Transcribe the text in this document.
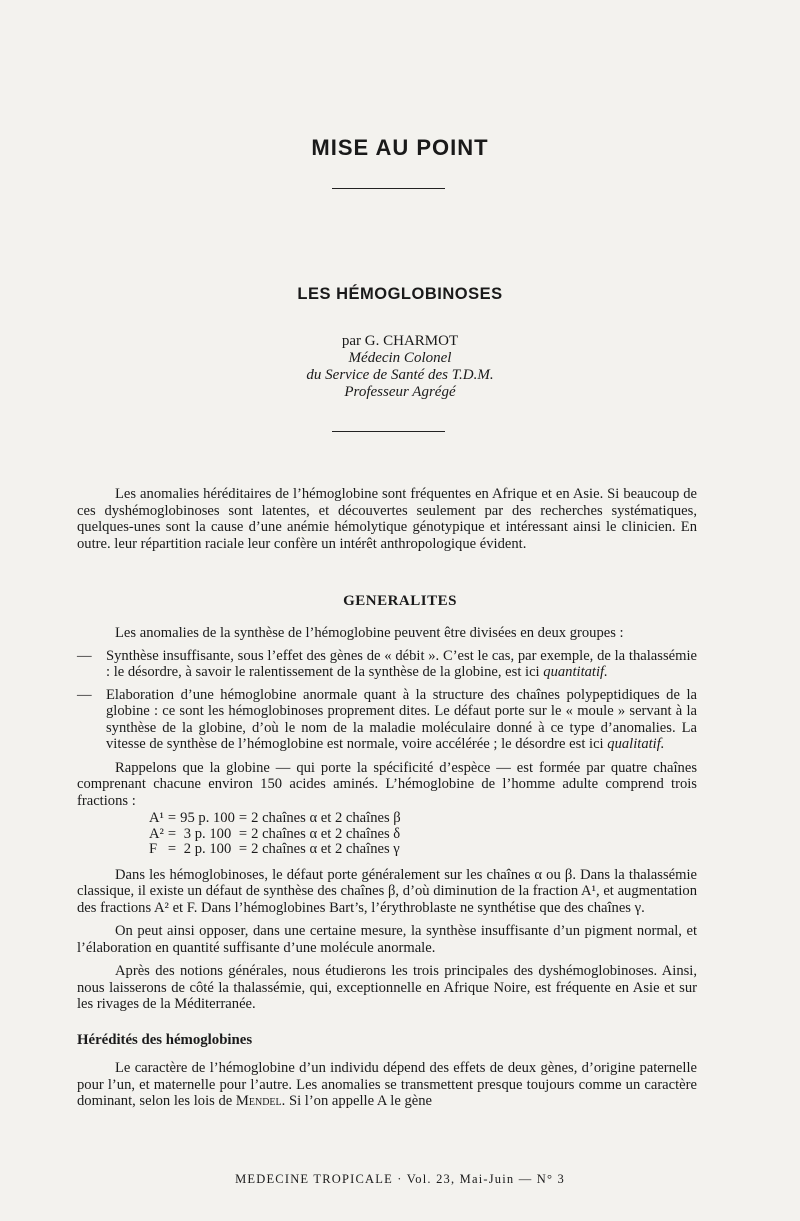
MISE AU POINT
LES HÉMOGLOBINOSES
par G. CHARMOT
Médecin Colonel
du Service de Santé des T.D.M.
Professeur Agrégé

Les anomalies héréditaires de l’hémoglobine sont fréquentes en Afrique et en Asie. Si beaucoup de ces dyshémoglobinoses sont latentes, et découvertes seulement par des recherches systématiques, quelques-unes sont la cause d’une anémie hémolytique génotypique et intéressant ainsi le clinicien. En outre. leur répartition raciale leur confère un intérêt anthropologique évident.

GENERALITES

Les anomalies de la synthèse de l’hémoglobine peuvent être divisées en deux groupes :

— Synthèse insuffisante, sous l’effet des gènes de « débit ». C’est le cas, par exemple, de la thalassémie : le désordre, à savoir le ralentissement de la synthèse de la globine, est ici quantitatif.
— Elaboration d’une hémoglobine anormale quant à la structure des chaînes polypeptidiques de la globine : ce sont les hémoglobinoses proprement dites. Le défaut porte sur le « moule » servant à la synthèse de la globine, d’où le nom de la maladie moléculaire donné à ce type d’anomalies. La vitesse de synthèse de l’hémoglobine est normale, voire accélérée ; le désordre est ici qualitatif.

Rappelons que la globine — qui porte la spécificité d’espèce — est formée par quatre chaînes comprenant chacune environ 150 acides aminés. L’hémoglobine de l’homme adulte comprend trois fractions :

A¹	=	95 p. 100	=	2 chaînes α et 2 chaînes β
A²	=	3 p. 100	=	2 chaînes α et 2 chaînes δ
F	=	2 p. 100	=	2 chaînes α et 2 chaînes γ

Dans les hémoglobinoses, le défaut porte généralement sur les chaînes α ou β. Dans la thalassémie classique, il existe un défaut de synthèse des chaînes β, d’où diminution de la fraction A¹, et augmentation des fractions A² et F. Dans l’hémoglobines Bart’s, l’érythroblaste ne synthétise que des chaînes γ.

On peut ainsi opposer, dans une certaine mesure, la synthèse insuffisante d’un pigment normal, et l’élaboration en quantité suffisante d’une molécule anormale.

Après des notions générales, nous étudierons les trois principales des dyshémoglobinoses. Ainsi, nous laisserons de côté la thalassémie, qui, exceptionnelle en Afrique Noire, est fréquente en Asie et sur les rivages de la Méditerranée.

Hérédités des hémoglobines

Le caractère de l’hémoglobine d’un individu dépend des effets de deux gènes, d’origine paternelle pour l’un, et maternelle pour l’autre. Les anomalies se transmettent presque toujours comme un caractère dominant, selon les lois de Mendel. Si l’on appelle A le gène

MEDECINE TROPICALE · Vol. 23, Mai-Juin — N° 3
